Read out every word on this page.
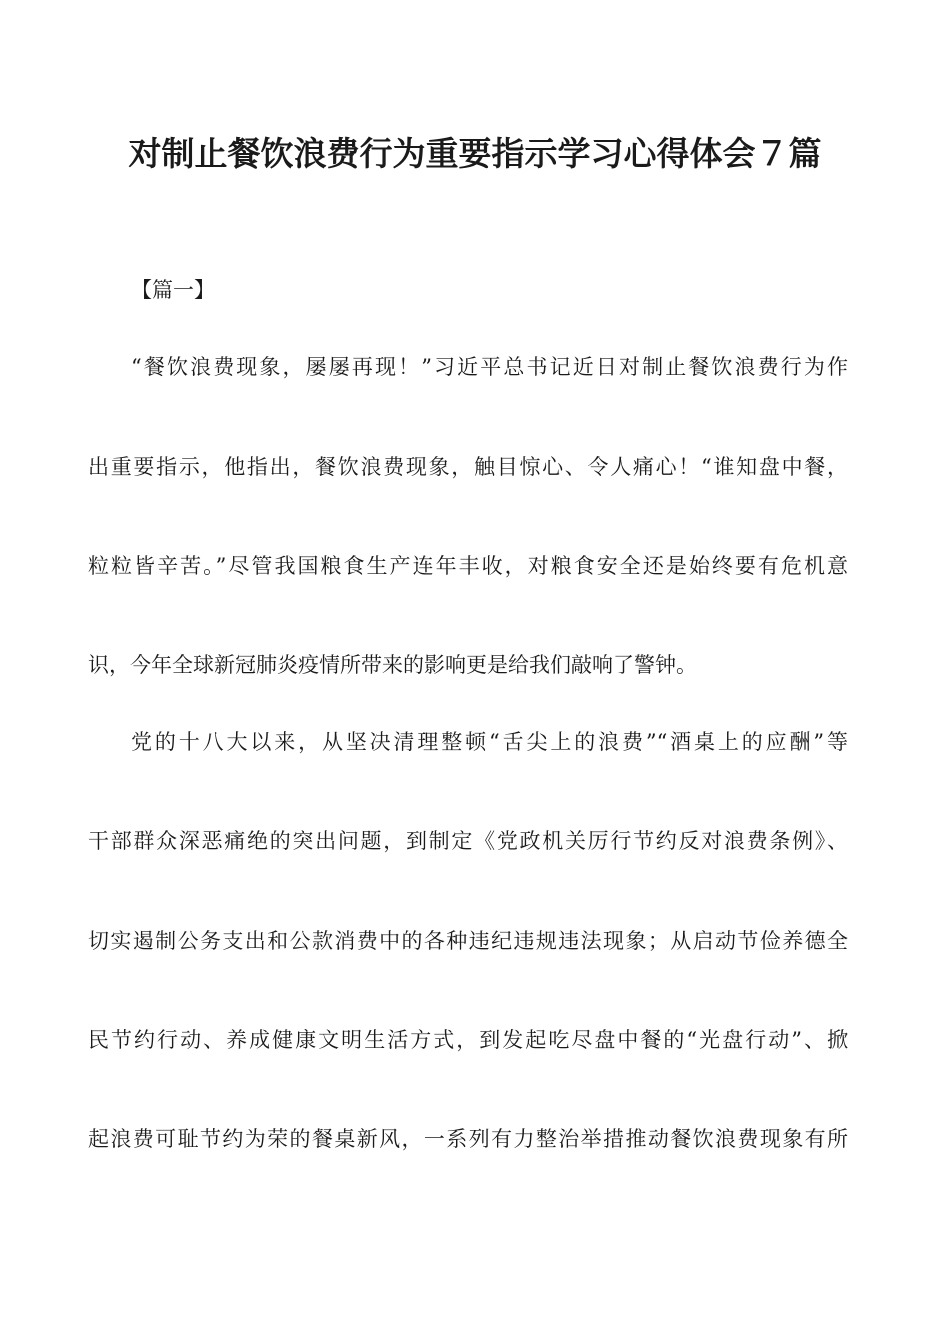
对制止餐饮浪费行为重要指示学习心得体会７篇
【篇一】
“餐饮浪费现象，屡屡再现！”习近平总书记近日对制止餐饮浪费行为作
出重要指示，他指出，餐饮浪费现象，触目惊心、令人痛心！“谁知盘中餐，
粒粒皆辛苦。”尽管我国粮食生产连年丰收，对粮食安全还是始终要有危机意
识，今年全球新冠肺炎疫情所带来的影响更是给我们敲响了警钟。
党的十八大以来，从坚决清理整顿“舌尖上的浪费”“酒桌上的应酬”等
干部群众深恶痛绝的突出问题，到制定《党政机关厉行节约反对浪费条例》、
切实遏制公务支出和公款消费中的各种违纪违规违法现象；从启动节俭养德全
民节约行动、养成健康文明生活方式，到发起吃尽盘中餐的“光盘行动”、掀
起浪费可耻节约为荣的餐桌新风，一系列有力整治举措推动餐饮浪费现象有所
